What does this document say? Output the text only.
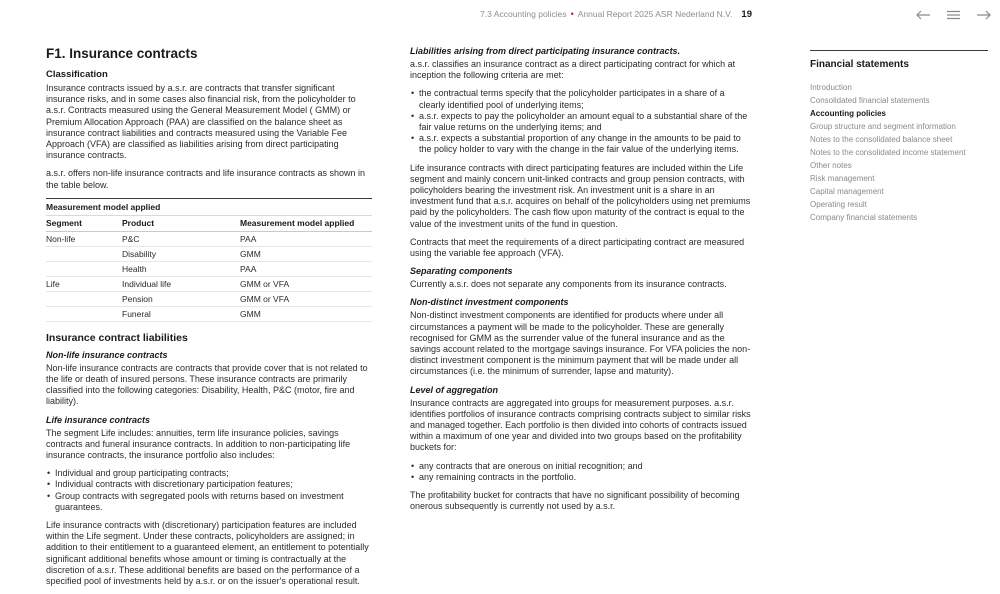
7.3 Accounting policies • Annual Report 2025 ASR Nederland N.V. 19
F1. Insurance contracts
Classification

Insurance contracts issued by a.s.r. are contracts that transfer significant insurance risks, and in some cases also financial risk, from the policyholder to a.s.r. Contracts measured using the General Measurement Model ( GMM) or Premium Allocation Approach (PAA) are classified on the balance sheet as insurance contract liabilities and contracts measured using the Variable Fee Approach (VFA) are classified as liabilities arising from direct participating insurance contracts.

a.s.r. offers non-life insurance contracts and life insurance contracts as shown in the table below.

Measurement model applied
Segment	Product	Measurement model applied
Non-life	P&C	PAA
	Disability	GMM
	Health	PAA
Life	Individual life	GMM or VFA
	Pension	GMM or VFA
	Funeral	GMM
Insurance contract liabilities
Non-life insurance contracts

Non-life insurance contracts are contracts that provide cover that is not related to the life or death of insured persons. These insurance contracts are primarily classified into the following categories: Disability, Health, P&C (motor, fire and liability).

Life insurance contracts

The segment Life includes: annuities, term life insurance policies, savings contracts and funeral insurance contracts. In addition to non-participating life insurance contracts, the insurance portfolio also includes:

• Individual and group participating contracts;
• Individual contracts with discretionary participation features;
• Group contracts with segregated pools with returns based on investment guarantees.

Life insurance contracts with (discretionary) participation features are included within the Life segment. Under these contracts, policyholders are assigned; in addition to their entitlement to a guaranteed element, an entitlement to potentially significant additional benefits whose amount or timing is contractually at the discretion of a.s.r. These additional benefits are based on the performance of a specified pool of investments held by a.s.r. or on the issuer's operational result.

Liabilities arising from direct participating insurance contracts.

a.s.r. classifies an insurance contract as a direct participating contract for which at inception the following criteria are met:

• the contractual terms specify that the policyholder participates in a share of a clearly identified pool of underlying items;
• a.s.r. expects to pay the policyholder an amount equal to a substantial share of the fair value returns on the underlying items; and
• a.s.r. expects a substantial proportion of any change in the amounts to be paid to the policy holder to vary with the change in the fair value of the underlying items.

Life insurance contracts with direct participating features are included within the Life segment and mainly concern unit-linked contracts and group pension contracts, with policyholders bearing the investment risk. An investment unit is a share in an investment fund that a.s.r. acquires on behalf of the policyholders using net premiums paid by the policyholders. The cash flow upon maturity of the contract is equal to the value of the investment units of the fund in question.

Contracts that meet the requirements of a direct participating contract are measured using the variable fee approach (VFA).

Separating components

Currently a.s.r. does not separate any components from its insurance contracts.

Non-distinct investment components

Non-distinct investment components are identified for products where under all circumstances a payment will be made to the policyholder. These are generally recognised for GMM as the surrender value of the funeral insurance and as the savings account related to the mortgage savings insurance. For VFA policies the non-distinct investment component is the minimum payment that will be made under all circumstances (i.e. the minimum of surrender, lapse and maturity).

Level of aggregation

Insurance contracts are aggregated into groups for measurement purposes. a.s.r. identifies portfolios of insurance contracts comprising contracts subject to similar risks and managed together. Each portfolio is then divided into cohorts of contracts issued within a maximum of one year and divided into two groups based on the profitability buckets for:

• any contracts that are onerous on initial recognition; and
• any remaining contracts in the portfolio.

The profitability bucket for contracts that have no significant possibility of becoming onerous subsequently is currently not used by a.s.r.

Financial statements
Introduction
Consolidated financial statements
Accounting policies
Group structure and segment information
Notes to the consolidated balance sheet
Notes to the consolidated income statement
Other notes
Risk management
Capital management
Operating result
Company financial statements
